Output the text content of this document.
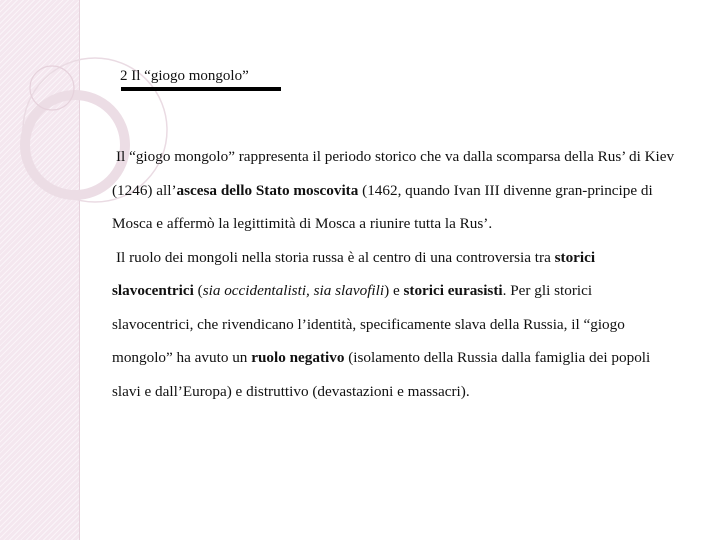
2 Il “giogo mongolo”

Il “giogo mongolo” rappresenta il periodo storico che va dalla scomparsa della Rus’ di Kiev (1246) all’ascesa dello Stato moscovita (1462, quando Ivan III divenne gran-principe di Mosca e affermò la legittimità di Mosca a riunire tutta la Rus’.

Il ruolo dei mongoli nella storia russa è al centro di una controversia tra storici slavocentrici (sia occidentalisti, sia slavofili) e storici eurasisti. Per gli storici slavocentrici, che rivendicano l’identità, specificamente slava della Russia, il “giogo mongolo” ha avuto un ruolo negativo (isolamento della Russia dalla famiglia dei popoli slavi e dall’Europa) e distruttivo (devastazioni e massacri).
